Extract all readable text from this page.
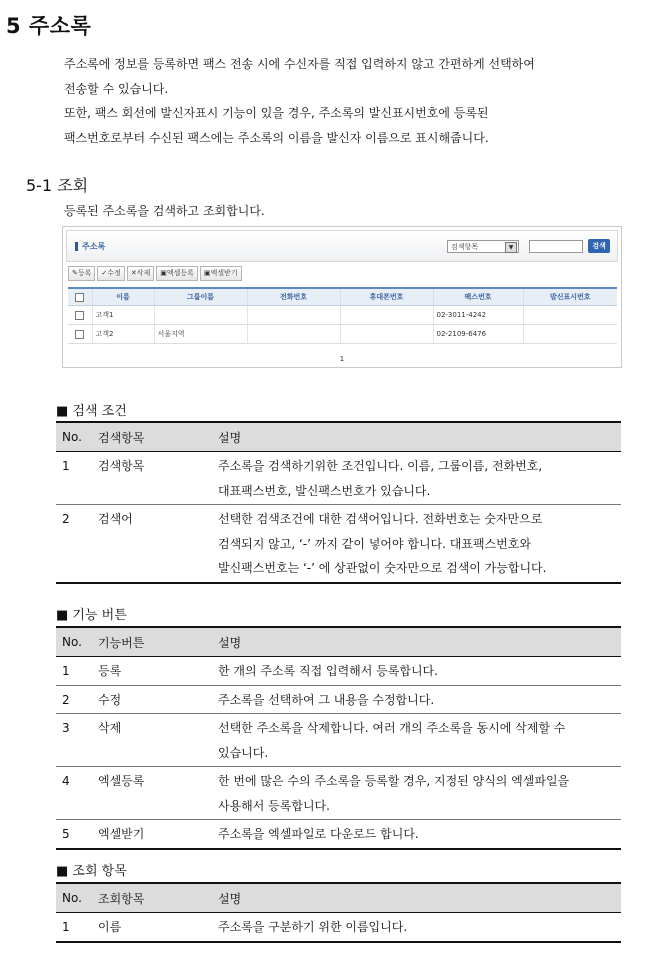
5 주소록
주소록에 정보를 등록하면 팩스 전송 시에 수신자를 직접 입력하지 않고 간편하게 선택하여
전송할 수 있습니다.
또한, 팩스 회선에 발신자표시 기능이 있을 경우, 주소록의 발신표시번호에 등록된
팩스번호로부터 수신된 팩스에는 주소록의 이름을 발신자 이름으로 표시해줍니다.
5-1 조회
등록된 주소록을 검색하고 조회합니다.
주소록	검색항목	▼	검색
✎등록 ✓수정 ✕삭제 ▣엑셀등록 ▣엑셀받기
	이름	그룹이름	전화번호	휴대폰번호	팩스번호	발신표시번호
	고객1				02-3011-4242	
	고객2	서울지역			02-2109-6476	
1
■ 검색 조건
No.	검색항목	설명
1	검색항목	주소록을 검색하기위한 조건입니다. 이름, 그룹이름, 전화번호,
대표팩스번호, 발신팩스번호가 있습니다.

2	검색어	선택한 검색조건에 대한 검색어입니다. 전화번호는 숫자만으로
검색되지 않고, ‘-’ 까지 같이 넣어야 합니다. 대표팩스번호와
발신팩스번호는 ‘-’ 에 상관없이 숫자만으로 검색이 가능합니다.
■ 기능 버튼
No.	기능버튼	설명
1	등록	한 개의 주소록 직접 입력해서 등록합니다.

2	수정	주소록을 선택하여 그 내용을 수정합니다.

3	삭제	선택한 주소록을 삭제합니다. 여러 개의 주소록을 동시에 삭제할 수
있습니다.

4	엑셀등록	한 번에 많은 수의 주소록을 등록할 경우, 지정된 양식의 엑셀파일을
사용해서 등록합니다.

5	엑셀받기	주소록을 엑셀파일로 다운로드 합니다.
■ 조회 항목
No.	조회항목	설명
1	이름	주소록을 구분하기 위한 이름입니다.
